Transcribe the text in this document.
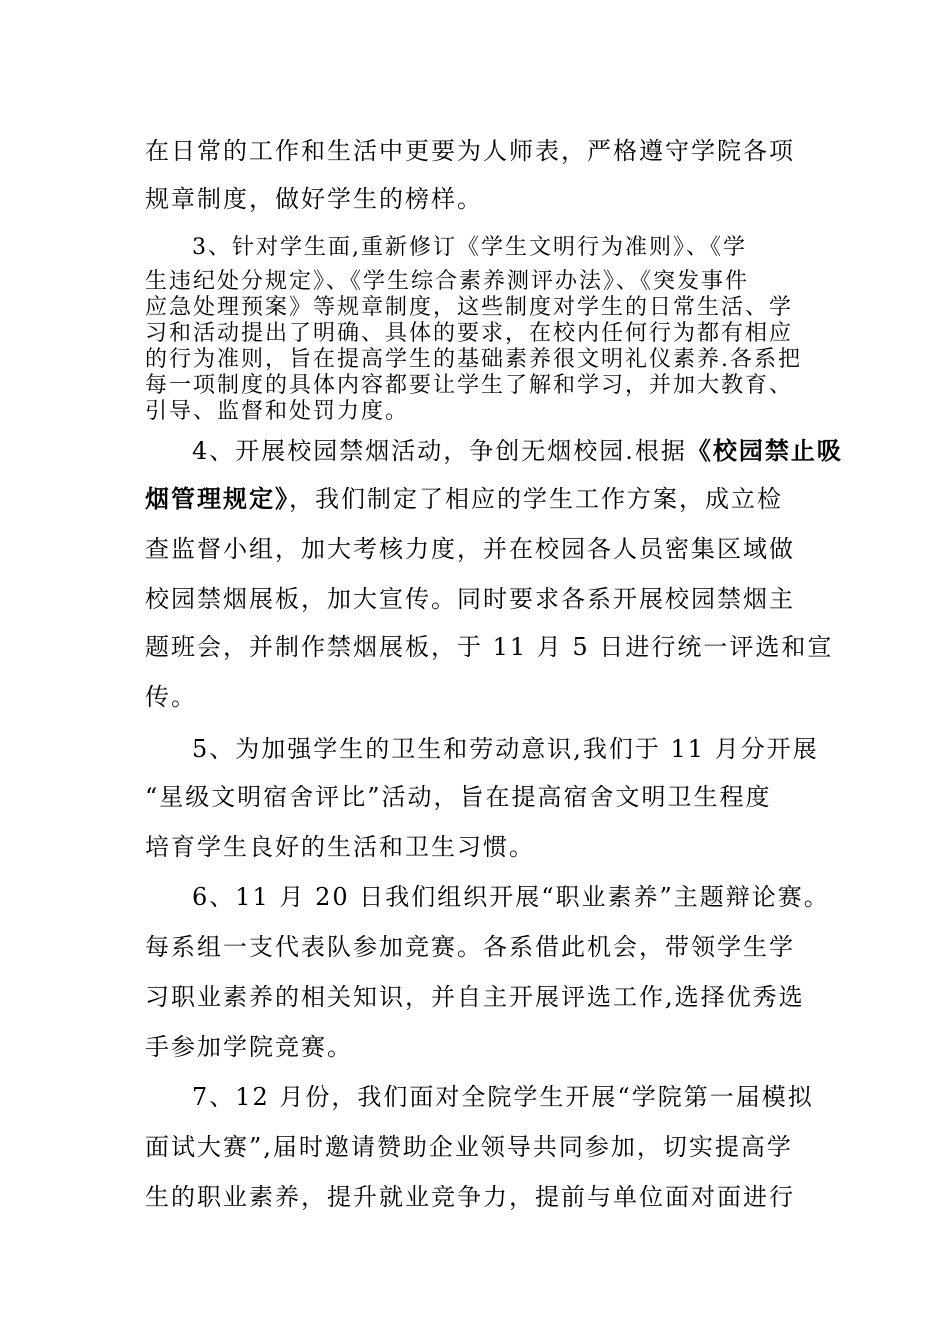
在日常的工作和生活中更要为人师表，严格遵守学院各项
规章制度，做好学生的榜样。
3、针对学生面,重新修订《学生文明行为准则》、《学
生违纪处分规定》、《学生综合素养测评办法》、《突发事件
应急处理预案》等规章制度，这些制度对学生的日常生活、学
习和活动提出了明确、具体的要求，在校内任何行为都有相应
的行为准则，旨在提高学生的基础素养很文明礼仪素养.各系把
每一项制度的具体内容都要让学生了解和学习，并加大教育、
引导、监督和处罚力度。
4、开展校园禁烟活动，争创无烟校园.根据《校园禁止吸
烟管理规定》，我们制定了相应的学生工作方案，成立检
查监督小组，加大考核力度，并在校园各人员密集区域做
校园禁烟展板，加大宣传。同时要求各系开展校园禁烟主
题班会，并制作禁烟展板，于 11 月 5 日进行统一评选和宣
传。
5、为加强学生的卫生和劳动意识,我们于 11 月分开展
“星级文明宿舍评比”活动，旨在提高宿舍文明卫生程度
培育学生良好的生活和卫生习惯。
6、11 月 20 日我们组织开展“职业素养”主题辩论赛。
每系组一支代表队参加竞赛。各系借此机会，带领学生学
习职业素养的相关知识，并自主开展评选工作,选择优秀选
手参加学院竞赛。
7、12 月份，我们面对全院学生开展“学院第一届模拟
面试大赛”,届时邀请赞助企业领导共同参加，切实提高学
生的职业素养，提升就业竞争力，提前与单位面对面进行
